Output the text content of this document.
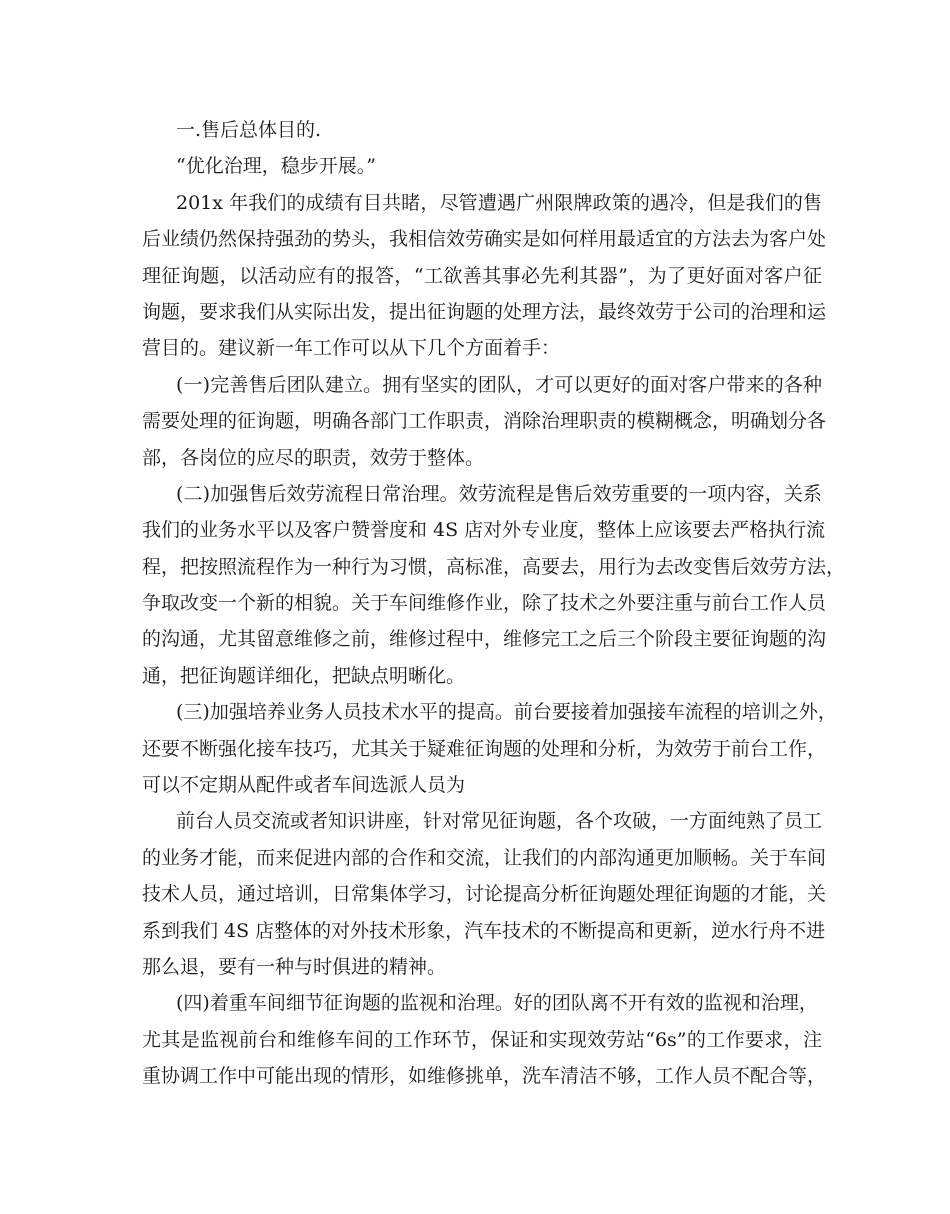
一.售后总体目的.
“优化治理，稳步开展。”
201x 年我们的成绩有目共睹，尽管遭遇广州限牌政策的遇冷，但是我们的售
后业绩仍然保持强劲的势头，我相信效劳确实是如何样用最适宜的方法去为客户处
理征询题，以活动应有的报答，“工欲善其事必先利其器”，为了更好面对客户征
询题，要求我们从实际出发，提出征询题的处理方法，最终效劳于公司的治理和运
营目的。建议新一年工作可以从下几个方面着手：
(一)完善售后团队建立。拥有坚实的团队，才可以更好的面对客户带来的各种
需要处理的征询题，明确各部门工作职责，消除治理职责的模糊概念，明确划分各
部，各岗位的应尽的职责，效劳于整体。
(二)加强售后效劳流程日常治理。效劳流程是售后效劳重要的一项内容，关系
我们的业务水平以及客户赞誉度和 4S 店对外专业度，整体上应该要去严格执行流
程，把按照流程作为一种行为习惯，高标准，高要去，用行为去改变售后效劳方法，
争取改变一个新的相貌。关于车间维修作业，除了技术之外要注重与前台工作人员
的沟通，尤其留意维修之前，维修过程中，维修完工之后三个阶段主要征询题的沟
通，把征询题详细化，把缺点明晰化。
(三)加强培养业务人员技术水平的提高。前台要接着加强接车流程的培训之外，
还要不断强化接车技巧，尤其关于疑难征询题的处理和分析，为效劳于前台工作，
可以不定期从配件或者车间选派人员为
前台人员交流或者知识讲座，针对常见征询题，各个攻破，一方面纯熟了员工
的业务才能，而来促进内部的合作和交流，让我们的内部沟通更加顺畅。关于车间
技术人员，通过培训，日常集体学习，讨论提高分析征询题处理征询题的才能，关
系到我们 4S 店整体的对外技术形象，汽车技术的不断提高和更新，逆水行舟不进
那么退，要有一种与时俱进的精神。
(四)着重车间细节征询题的监视和治理。好的团队离不开有效的监视和治理，
尤其是监视前台和维修车间的工作环节，保证和实现效劳站“6s”的工作要求，注
重协调工作中可能出现的情形，如维修挑单，洗车清洁不够，工作人员不配合等，
